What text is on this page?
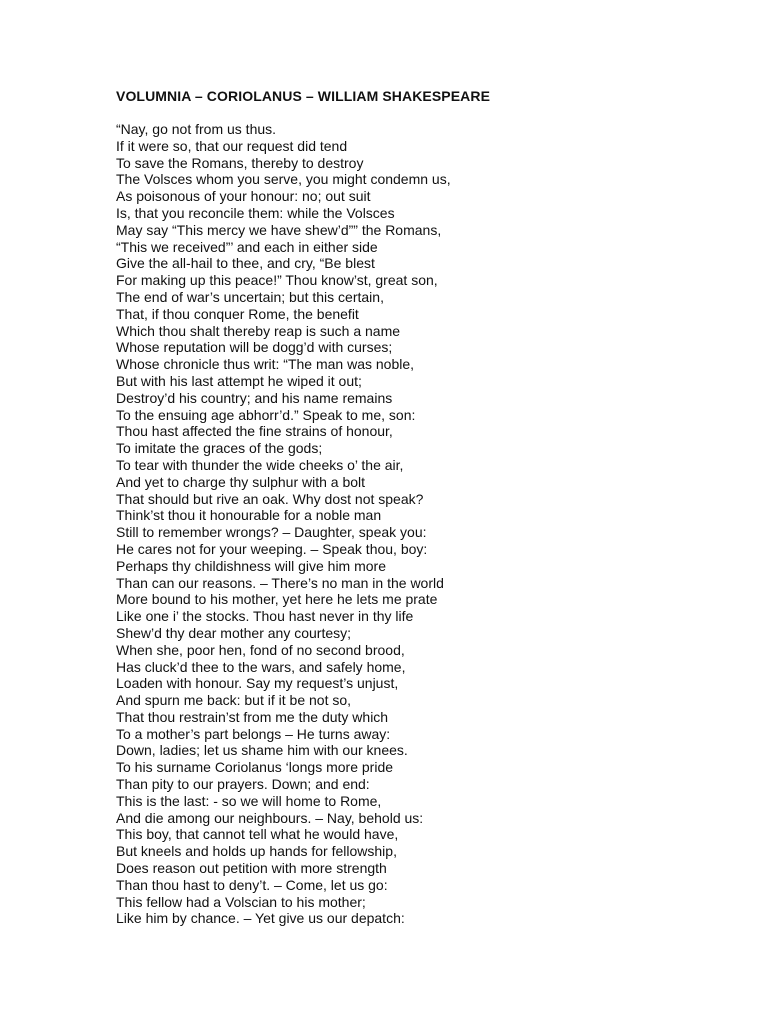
VOLUMNIA – CORIOLANUS – WILLIAM SHAKESPEARE
“Nay, go not from us thus.
If it were so, that our request did tend
To save the Romans, thereby to destroy
The Volsces whom you serve, you might condemn us,
As poisonous of your honour: no; out suit
Is, that you reconcile them: while the Volsces
May say “This mercy we have shew’d”” the Romans,
“This we received”’ and each in either side
Give the all-hail to thee, and cry, “Be blest
For making up this peace!” Thou know’st, great son,
The end of war’s uncertain; but this certain,
That, if thou conquer Rome, the benefit
Which thou shalt thereby reap is such a name
Whose reputation will be dogg’d with curses;
Whose chronicle thus writ: “The man was noble,
But with his last attempt he wiped it out;
Destroy’d his country; and his name remains
To the ensuing age abhorr’d.” Speak to me, son:
Thou hast affected the fine strains of honour,
To imitate the graces of the gods;
To tear with thunder the wide cheeks o’ the air,
And yet to charge thy sulphur with a bolt
That should but rive an oak. Why dost not speak?
Think’st thou it honourable for a noble man
Still to remember wrongs? – Daughter, speak you:
He cares not for your weeping. – Speak thou, boy:
Perhaps thy childishness will give him more
Than can our reasons. – There’s no man in the world
More bound to his mother, yet here he lets me prate
Like one i’ the stocks. Thou hast never in thy life
Shew’d thy dear mother any courtesy;
When she, poor hen, fond of no second brood,
Has cluck’d thee to the wars, and safely home,
Loaden with honour. Say my request’s unjust,
And spurn me back: but if it be not so,
That thou restrain’st from me the duty which
To a mother’s part belongs – He turns away:
Down, ladies; let us shame him with our knees.
To his surname Coriolanus ‘longs more pride
Than pity to our prayers. Down; and end:
This is the last: - so we will home to Rome,
And die among our neighbours. – Nay, behold us:
This boy, that cannot tell what he would have,
But kneels and holds up hands for fellowship,
Does reason out petition with more strength
Than thou hast to deny’t. – Come, let us go:
This fellow had a Volscian to his mother;
Like him by chance. – Yet give us our depatch:
